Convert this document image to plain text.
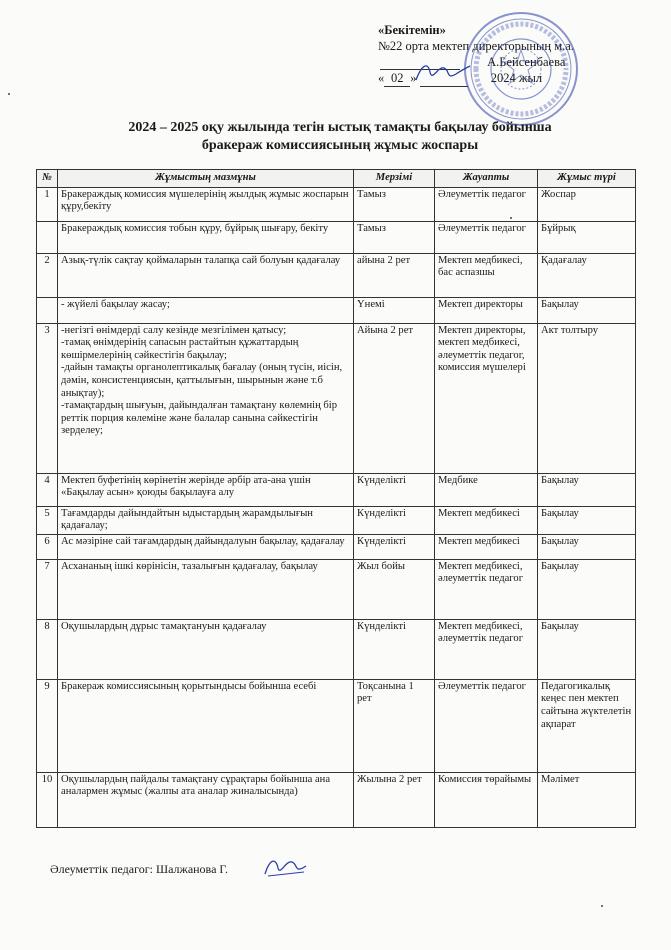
«Бекітемін»
№22 орта мектеп директорының м.а.
А.Бейсенбаева
« 02 »	2024 жыл
2024 – 2025 оқу жылында тегін ыстық тамақты бақылау бойынша
бракераж комиссиясының жұмыс жоспары
№	Жұмыстың мазмұны	Мерзімі	Жауапты	Жұмыс түрі
1	Бракераждық комиссия мүшелерінің жылдық жұмыс жоспарын құру,бекіту	Тамыз	Әлеуметтік педагог	Жоспар
	Бракераждық комиссия тобын құру, бұйрық шығару, бекіту	Тамыз	Әлеуметтік педагог	Бұйрық
2	Азық-түлік сақтау қоймаларын талапқа сай болуын қадағалау	айына 2 рет	Мектеп медбикесі, бас аспазшы	Қадағалау
	- жүйелі бақылау жасау;	Үнемі	Мектеп директоры	Бақылау
3	-негізгі өнімдерді салу кезінде мезгілімен қатысу;
-тамақ өнімдерінің сапасын растайтын құжаттардың көшірмелерінің сәйкестігін бақылау;
-дайын тамақты органолептикалық бағалау (оның түсін, иісін, дәмін, консистенциясын, қаттылығын, шырынын және т.б анықтау);
-тамақтардың шығуын, дайындалған тамақтану көлемнің бір реттік порция көлеміне және балалар санына сәйкестігін зерделеу;	Айына 2 рет	Мектеп директоры, мектеп медбикесі, әлеуметтік педагог, комиссия мүшелері	Акт толтыру
4	Мектеп буфетінің көрінетін жерінде әрбір ата-ана үшін «Бақылау асын» қоюды бақылауға алу	Күнделікті	Медбике	Бақылау
5	Тағамдарды дайындайтын ыдыстардың жарамдылығын қадағалау;	Күнделікті	Мектеп медбикесі	Бақылау
6	Ас мәзіріне сай тағамдардың дайындалуын бақылау, қадағалау	Күнделікті	Мектеп медбикесі	Бақылау
7	Асхананың ішкі көрінісін, тазалығын қадағалау, бақылау	Жыл бойы	Мектеп медбикесі, әлеуметтік педагог	Бақылау
8	Оқушылардың дұрыс тамақтануын қадағалау	Күнделікті	Мектеп медбикесі, әлеуметтік педагог	Бақылау
9	Бракераж комиссиясының қорытындысы бойынша есебі	Тоқсанына 1 рет	Әлеуметтік педагог	Педагогикалық кеңес пен мектеп сайтына жүктелетін ақпарат
10	Оқушылардың пайдалы тамақтану сұрақтары бойынша ана аналармен жұмыс (жалпы ата аналар жиналысында)	Жылына 2 рет	Комиссия төрайымы	Мәлімет
Әлеуметтік педагог: Шалжанова Г.
